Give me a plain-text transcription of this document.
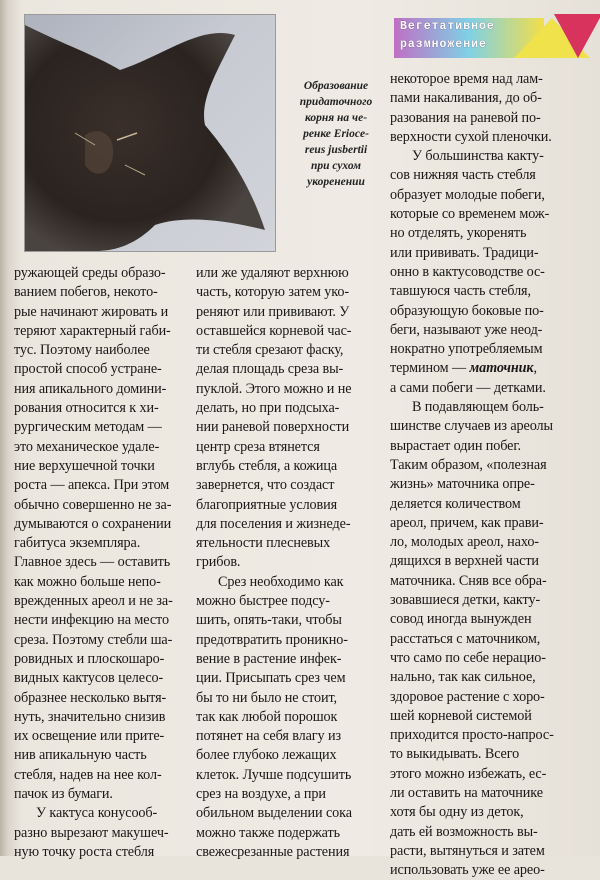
Образование
придаточного
корня на че-
ренке Erioce-
reus jusbertii
при сухом
укоренении
Вегетативное
размножение
ружающей среды образо-
ванием побегов, некото-
рые начинают жировать и
теряют характерный габи-
тус. Поэтому наиболее
простой способ устране-
ния апикального домини-
рования относится к хи-
рургическим методам —
это механическое удале-
ние верхушечной точки
роста — апекса. При этом
обычно совершенно не за-
думываются о сохранении
габитуса экземпляра.
Главное здесь — оставить
как можно больше непо-
врежденных ареол и не за-
нести инфекцию на место
среза. Поэтому стебли ша-
ровидных и плоскошаро-
видных кактусов целесо-
образнее несколько вытя-
нуть, значительно снизив
их освещение или прите-
нив апикальную часть
стебля, надев на нее кол-
пачок из бумаги.
У кактуса конусооб-
разно вырезают макушеч-
ную точку роста стебля
или же удаляют верхнюю
часть, которую затем уко-
реняют или прививают. У
оставшейся корневой час-
ти стебля срезают фаску,
делая площадь среза вы-
пуклой. Этого можно и не
делать, но при подсыха-
нии раневой поверхности
центр среза втянется
вглубь стебля, а кожица
завернется, что создаст
благоприятные условия
для поселения и жизнеде-
ятельности плесневых
грибов.
Срез необходимо как
можно быстрее подсу-
шить, опять-таки, чтобы
предотвратить проникно-
вение в растение инфек-
ции. Присыпать срез чем
бы то ни было не стоит,
так как любой порошок
потянет на себя влагу из
более глубоко лежащих
клеток. Лучше подсушить
срез на воздухе, а при
обильном выделении сока
можно также подержать
свежесрезанные растения
некоторое время над лам-
пами накаливания, до об-
разования на раневой по-
верхности сухой пленочки.
У большинства какту-
сов нижняя часть стебля
образует молодые побеги,
которые со временем мож-
но отделять, укоренять
или прививать. Традици-
онно в кактусоводстве ос-
тавшуюся часть стебля,
образующую боковые по-
беги, называют уже неод-
нократно употребляемым
термином — маточник,
а сами побеги — детками.
В подавляющем боль-
шинстве случаев из ареолы
вырастает один побег.
Таким образом, «полезная
жизнь» маточника опре-
деляется количеством
ареол, причем, как прави-
ло, молодых ареол, нахо-
дящихся в верхней части
маточника. Сняв все обра-
зовавшиеся детки, какту-
совод иногда вынужден
расстаться с маточником,
что само по себе нерацио-
нально, так как сильное,
здоровое растение с хоро-
шей корневой системой
приходится просто-напрос-
то выкидывать. Всего
этого можно избежать, ес-
ли оставить на маточнике
хотя бы одну из деток,
дать ей возможность вы-
расти, вытянуться и затем
использовать уже ее арео-
